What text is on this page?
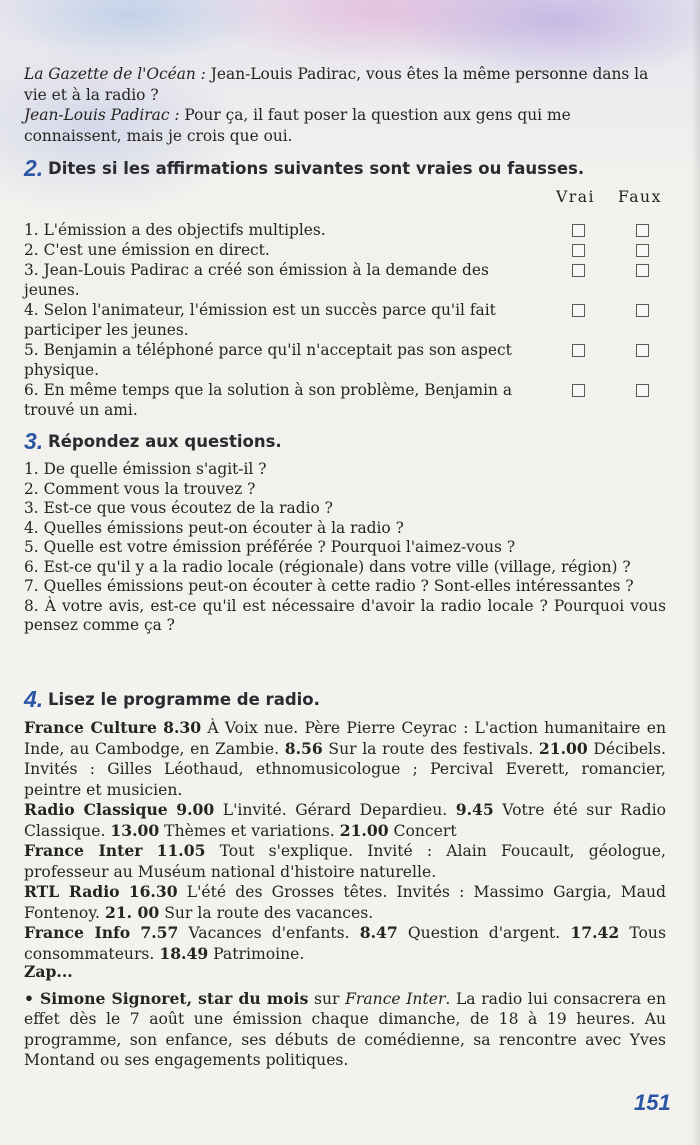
La Gazette de l'Océan : Jean-Louis Padirac, vous êtes la même personne dans la vie et à la radio ?
Jean-Louis Padirac : Pour ça, il faut poser la question aux gens qui me connaissent, mais je crois que oui.
2. Dites si les affirmations suivantes sont vraies ou fausses.
Vrai Faux
1. L'émission a des objectifs multiples.
2. C'est une émission en direct.
3. Jean-Louis Padirac a créé son émission à la demande des jeunes.
4. Selon l'animateur, l'émission est un succès parce qu'il fait participer les jeunes.
5. Benjamin a téléphoné parce qu'il n'acceptait pas son aspect physique.
6. En même temps que la solution à son problème, Benjamin a trouvé un ami.
3. Répondez aux questions.
1. De quelle émission s'agit-il ?
2. Comment vous la trouvez ?
3. Est-ce que vous écoutez de la radio ?
4. Quelles émissions peut-on écouter à la radio ?
5. Quelle est votre émission préférée ? Pourquoi l'aimez-vous ?
6. Est-ce qu'il y a la radio locale (régionale) dans votre ville (village, région) ?
7. Quelles émissions peut-on écouter à cette radio ? Sont-elles intéressantes ?
8. À votre avis, est-ce qu'il est nécessaire d'avoir la radio locale ? Pourquoi vous pensez comme ça ?
4. Lisez le programme de radio.
France Culture 8.30 À Voix nue. Père Pierre Ceyrac : L'action humanitaire en Inde, au Cambodge, en Zambie. 8.56 Sur la route des festivals. 21.00 Décibels. Invités : Gilles Léothaud, ethnomusicologue ; Percival Everett, romancier, peintre et musicien.
Radio Classique 9.00 L'invité. Gérard Depardieu. 9.45 Votre été sur Radio Classique. 13.00 Thèmes et variations. 21.00 Concert
France Inter 11.05 Tout s'explique. Invité : Alain Foucault, géologue, professeur au Muséum national d'histoire naturelle.
RTL Radio 16.30 L'été des Grosses têtes. Invités : Massimo Gargia, Maud Fontenoy. 21. 00 Sur la route des vacances.
France Info 7.57 Vacances d'enfants. 8.47 Question d'argent. 17.42 Tous consommateurs. 18.49 Patrimoine.
Zap...
• Simone Signoret, star du mois sur France Inter. La radio lui consacrera en effet dès le 7 août une émission chaque dimanche, de 18 à 19 heures. Au programme, son enfance, ses débuts de comédienne, sa rencontre avec Yves Montand ou ses engagements politiques.
151
